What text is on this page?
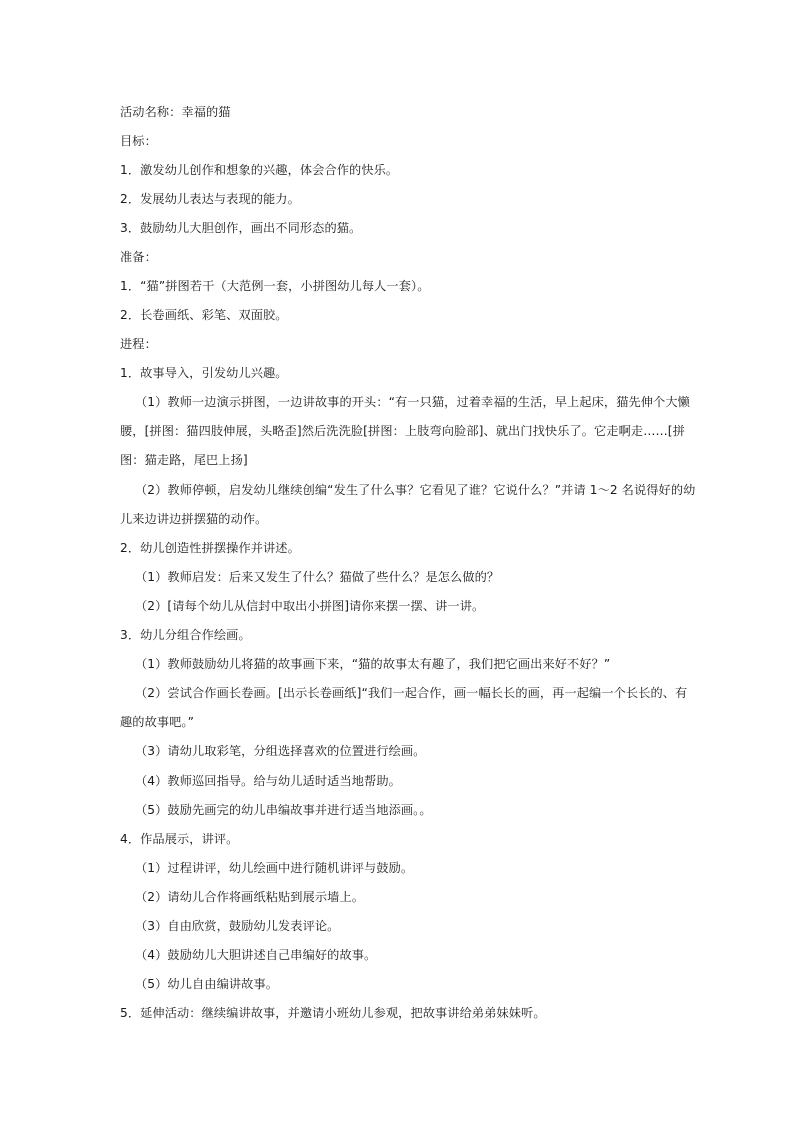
活动名称：幸福的猫
目标：
1．激发幼儿创作和想象的兴趣，体会合作的快乐。
2．发展幼儿表达与表现的能力。
3．鼓励幼儿大胆创作，画出不同形态的猫。
准备：
1．“猫”拼图若干（大范例一套，小拼图幼儿每人一套）。
2．长卷画纸、彩笔、双面胶。
进程：
1．故事导入，引发幼儿兴趣。
（1）教师一边演示拼图，一边讲故事的开头：“有一只猫，过着幸福的生活，早上起床，猫先伸个大懒
腰，[拼图：猫四肢伸展，头略歪]然后洗洗脸[拼图：上肢弯向脸部]、就出门找快乐了。它走啊走……[拼
图：猫走路，尾巴上扬]
（2）教师停顿，启发幼儿继续创编“发生了什么事？它看见了谁？它说什么？”并请 1～2 名说得好的幼
儿来边讲边拼摆猫的动作。
2．幼儿创造性拼摆操作并讲述。
（1）教师启发：后来又发生了什么？猫做了些什么？是怎么做的？
（2）[请每个幼儿从信封中取出小拼图]请你来摆一摆、讲一讲。
3．幼儿分组合作绘画。
（1）教师鼓励幼儿将猫的故事画下来，“猫的故事太有趣了，我们把它画出来好不好？”
（2）尝试合作画长卷画。[出示长卷画纸]“我们一起合作，画一幅长长的画，再一起编一个长长的、有
趣的故事吧。”
（3）请幼儿取彩笔，分组选择喜欢的位置进行绘画。
（4）教师巡回指导。给与幼儿适时适当地帮助。
（5）鼓励先画完的幼儿串编故事并进行适当地添画。。
4．作品展示，讲评。
（1）过程讲评，幼儿绘画中进行随机讲评与鼓励。
（2）请幼儿合作将画纸粘贴到展示墙上。
（3）自由欣赏，鼓励幼儿发表评论。
（4）鼓励幼儿大胆讲述自己串编好的故事。
（5）幼儿自由编讲故事。
5．延伸活动：继续编讲故事，并邀请小班幼儿参观，把故事讲给弟弟妹妹听。
